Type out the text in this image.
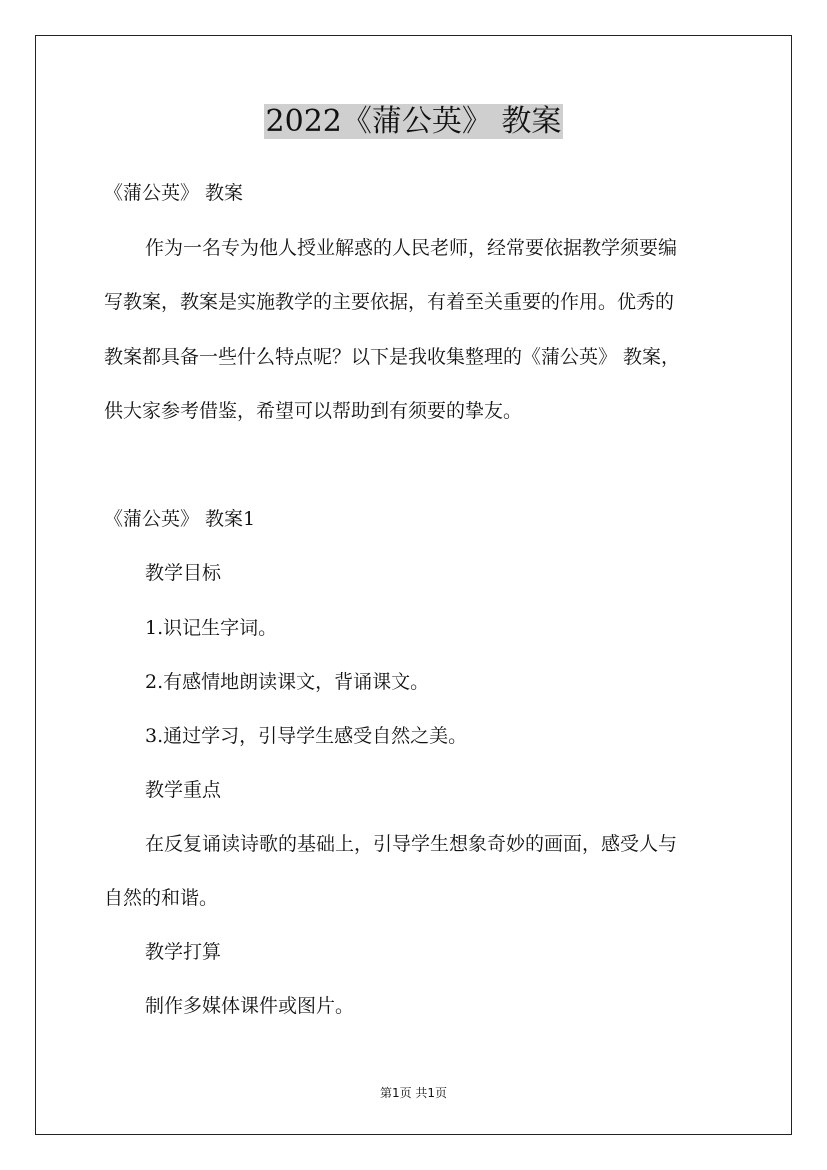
2022《蒲公英》 教案
《蒲公英》 教案
作为一名专为他人授业解惑的人民老师，经常要依据教学须要编
写教案，教案是实施教学的主要依据，有着至关重要的作用。优秀的
教案都具备一些什么特点呢？以下是我收集整理的《蒲公英》 教案，
供大家参考借鉴，希望可以帮助到有须要的挚友。
《蒲公英》 教案1
教学目标
1.识记生字词。
2.有感情地朗读课文，背诵课文。
3.通过学习，引导学生感受自然之美。
教学重点
在反复诵读诗歌的基础上，引导学生想象奇妙的画面，感受人与
自然的和谐。
教学打算
制作多媒体课件或图片。
第1页 共1页
